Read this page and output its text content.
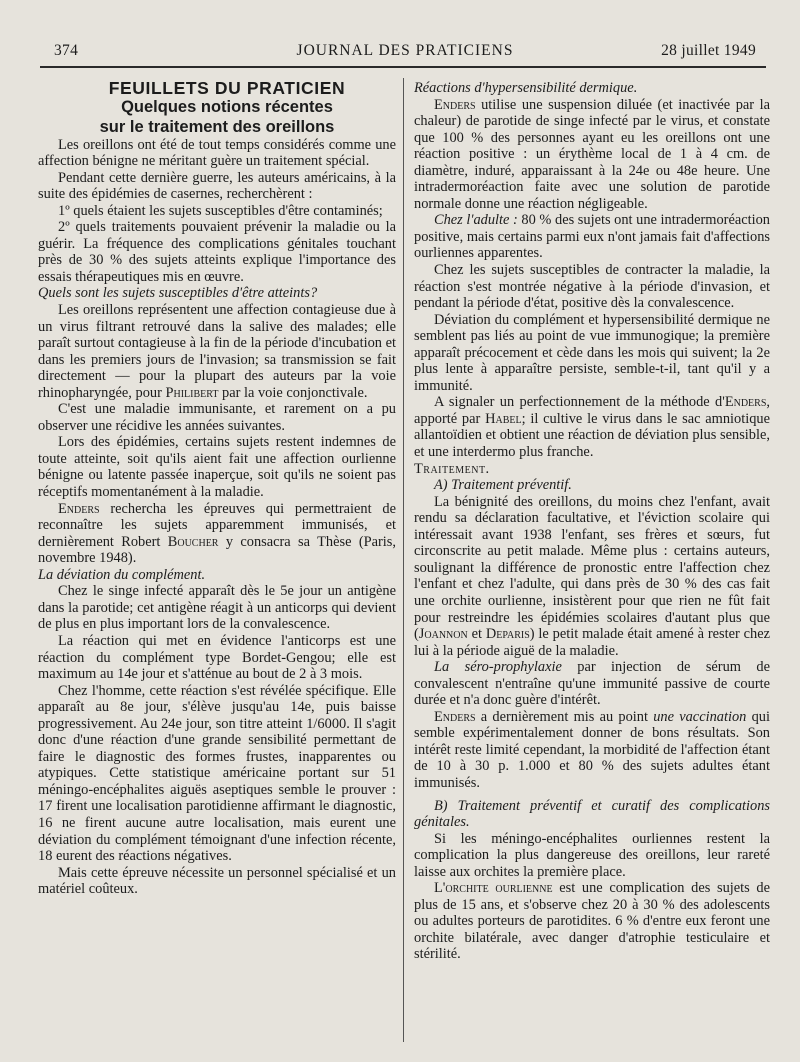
374	JOURNAL DES PRATICIENS	28 juillet 1949

FEUILLETS DU PRATICIEN

Quelques notions récentes
sur le traitement des oreillons

Les oreillons ont été de tout temps considérés comme une affection bénigne ne méritant guère un traitement spécial.

Pendant cette dernière guerre, les auteurs américains, à la suite des épidémies de casernes, recherchèrent :

1º quels étaient les sujets susceptibles d'être contaminés;

2º quels traitements pouvaient prévenir la maladie ou la guérir. La fréquence des complications génitales touchant près de 30 % des sujets atteints explique l'importance des essais thérapeutiques mis en œuvre.

Quels sont les sujets susceptibles d'être atteints?

Les oreillons représentent une affection contagieuse due à un virus filtrant retrouvé dans la salive des malades; elle paraît surtout contagieuse à la fin de la période d'incubation et dans les premiers jours de l'invasion; sa transmission se fait directement — pour la plupart des auteurs par la voie rhinopharyngée, pour Philibert par la voie conjonctivale.

C'est une maladie immunisante, et rarement on a pu observer une récidive les années suivantes.

Lors des épidémies, certains sujets restent indemnes de toute atteinte, soit qu'ils aient fait une affection ourlienne bénigne ou latente passée inaperçue, soit qu'ils ne soient pas réceptifs momentanément à la maladie.

Enders rechercha les épreuves qui permettraient de reconnaître les sujets apparemment immunisés, et dernièrement Robert Boucher y consacra sa Thèse (Paris, novembre 1948).

La déviation du complément.

Chez le singe infecté apparaît dès le 5e jour un antigène dans la parotide; cet antigène réagit à un anticorps qui devient de plus en plus important lors de la convalescence.

La réaction qui met en évidence l'anticorps est une réaction du complément type Bordet-Gengou; elle est maximum au 14e jour et s'atténue au bout de 2 à 3 mois.

Chez l'homme, cette réaction s'est révélée spécifique. Elle apparaît au 8e jour, s'élève jusqu'au 14e, puis baisse progressivement. Au 24e jour, son titre atteint 1/6000. Il s'agit donc d'une réaction d'une grande sensibilité permettant de faire le diagnostic des formes frustes, inapparentes ou atypiques. Cette statistique américaine portant sur 51 méningo-encéphalites aiguës aseptiques semble le prouver : 17 firent une localisation parotidienne affirmant le diagnostic, 16 ne firent aucune autre localisation, mais eurent une déviation du complément témoignant d'une infection récente, 18 eurent des réactions négatives.

Mais cette épreuve nécessite un personnel spécialisé et un matériel coûteux.

Réactions d'hypersensibilité dermique.

Enders utilise une suspension diluée (et inactivée par la chaleur) de parotide de singe infecté par le virus, et constate que 100 % des personnes ayant eu les oreillons ont une réaction positive : un érythème local de 1 à 4 cm. de diamètre, induré, apparaissant à la 24e ou 48e heure. Une intradermoréaction faite avec une solution de parotide normale donne une réaction négligeable.

Chez l'adulte : 80 % des sujets ont une intradermoréaction positive, mais certains parmi eux n'ont jamais fait d'affections ourliennes apparentes.

Chez les sujets susceptibles de contracter la maladie, la réaction s'est montrée négative à la période d'invasion, et pendant la période d'état, positive dès la convalescence.

Déviation du complément et hypersensibilité dermique ne semblent pas liés au point de vue immunogique; la première apparaît précocement et cède dans les mois qui suivent; la 2e plus lente à apparaître persiste, semble-t-il, tant qu'il y a immunité.

A signaler un perfectionnement de la méthode d'Enders, apporté par Habel; il cultive le virus dans le sac amniotique allantoïdien et obtient une réaction de déviation plus sensible, et une interdermo plus franche.

Traitement.

A) Traitement préventif.

La bénignité des oreillons, du moins chez l'enfant, avait rendu sa déclaration facultative, et l'éviction scolaire qui intéressait avant 1938 l'enfant, ses frères et sœurs, fut circonscrite au petit malade. Même plus : certains auteurs, soulignant la différence de pronostic entre l'affection chez l'enfant et chez l'adulte, qui dans près de 30 % des cas fait une orchite ourlienne, insistèrent pour que rien ne fût fait pour restreindre les épidémies scolaires d'autant plus que (Joannon et Deparis) le petit malade était amené à rester chez lui à la période aiguë de la maladie.

La séro-prophylaxie par injection de sérum de convalescent n'entraîne qu'une immunité passive de courte durée et n'a donc guère d'intérêt.

Enders a dernièrement mis au point une vaccination qui semble expérimentalement donner de bons résultats. Son intérêt reste limité cependant, la morbidité de l'affection étant de 10 à 30 p. 1.000 et 80 % des sujets adultes étant immunisés.

B) Traitement préventif et curatif des complications génitales.

Si les méningo-encéphalites ourliennes restent la complication la plus dangereuse des oreillons, leur rareté laisse aux orchites la première place.

L'orchite ourlienne est une complication des sujets de plus de 15 ans, et s'observe chez 20 à 30 % des adolescents ou adultes porteurs de parotidites. 6 % d'entre eux feront une orchite bilatérale, avec danger d'atrophie testiculaire et stérilité.
